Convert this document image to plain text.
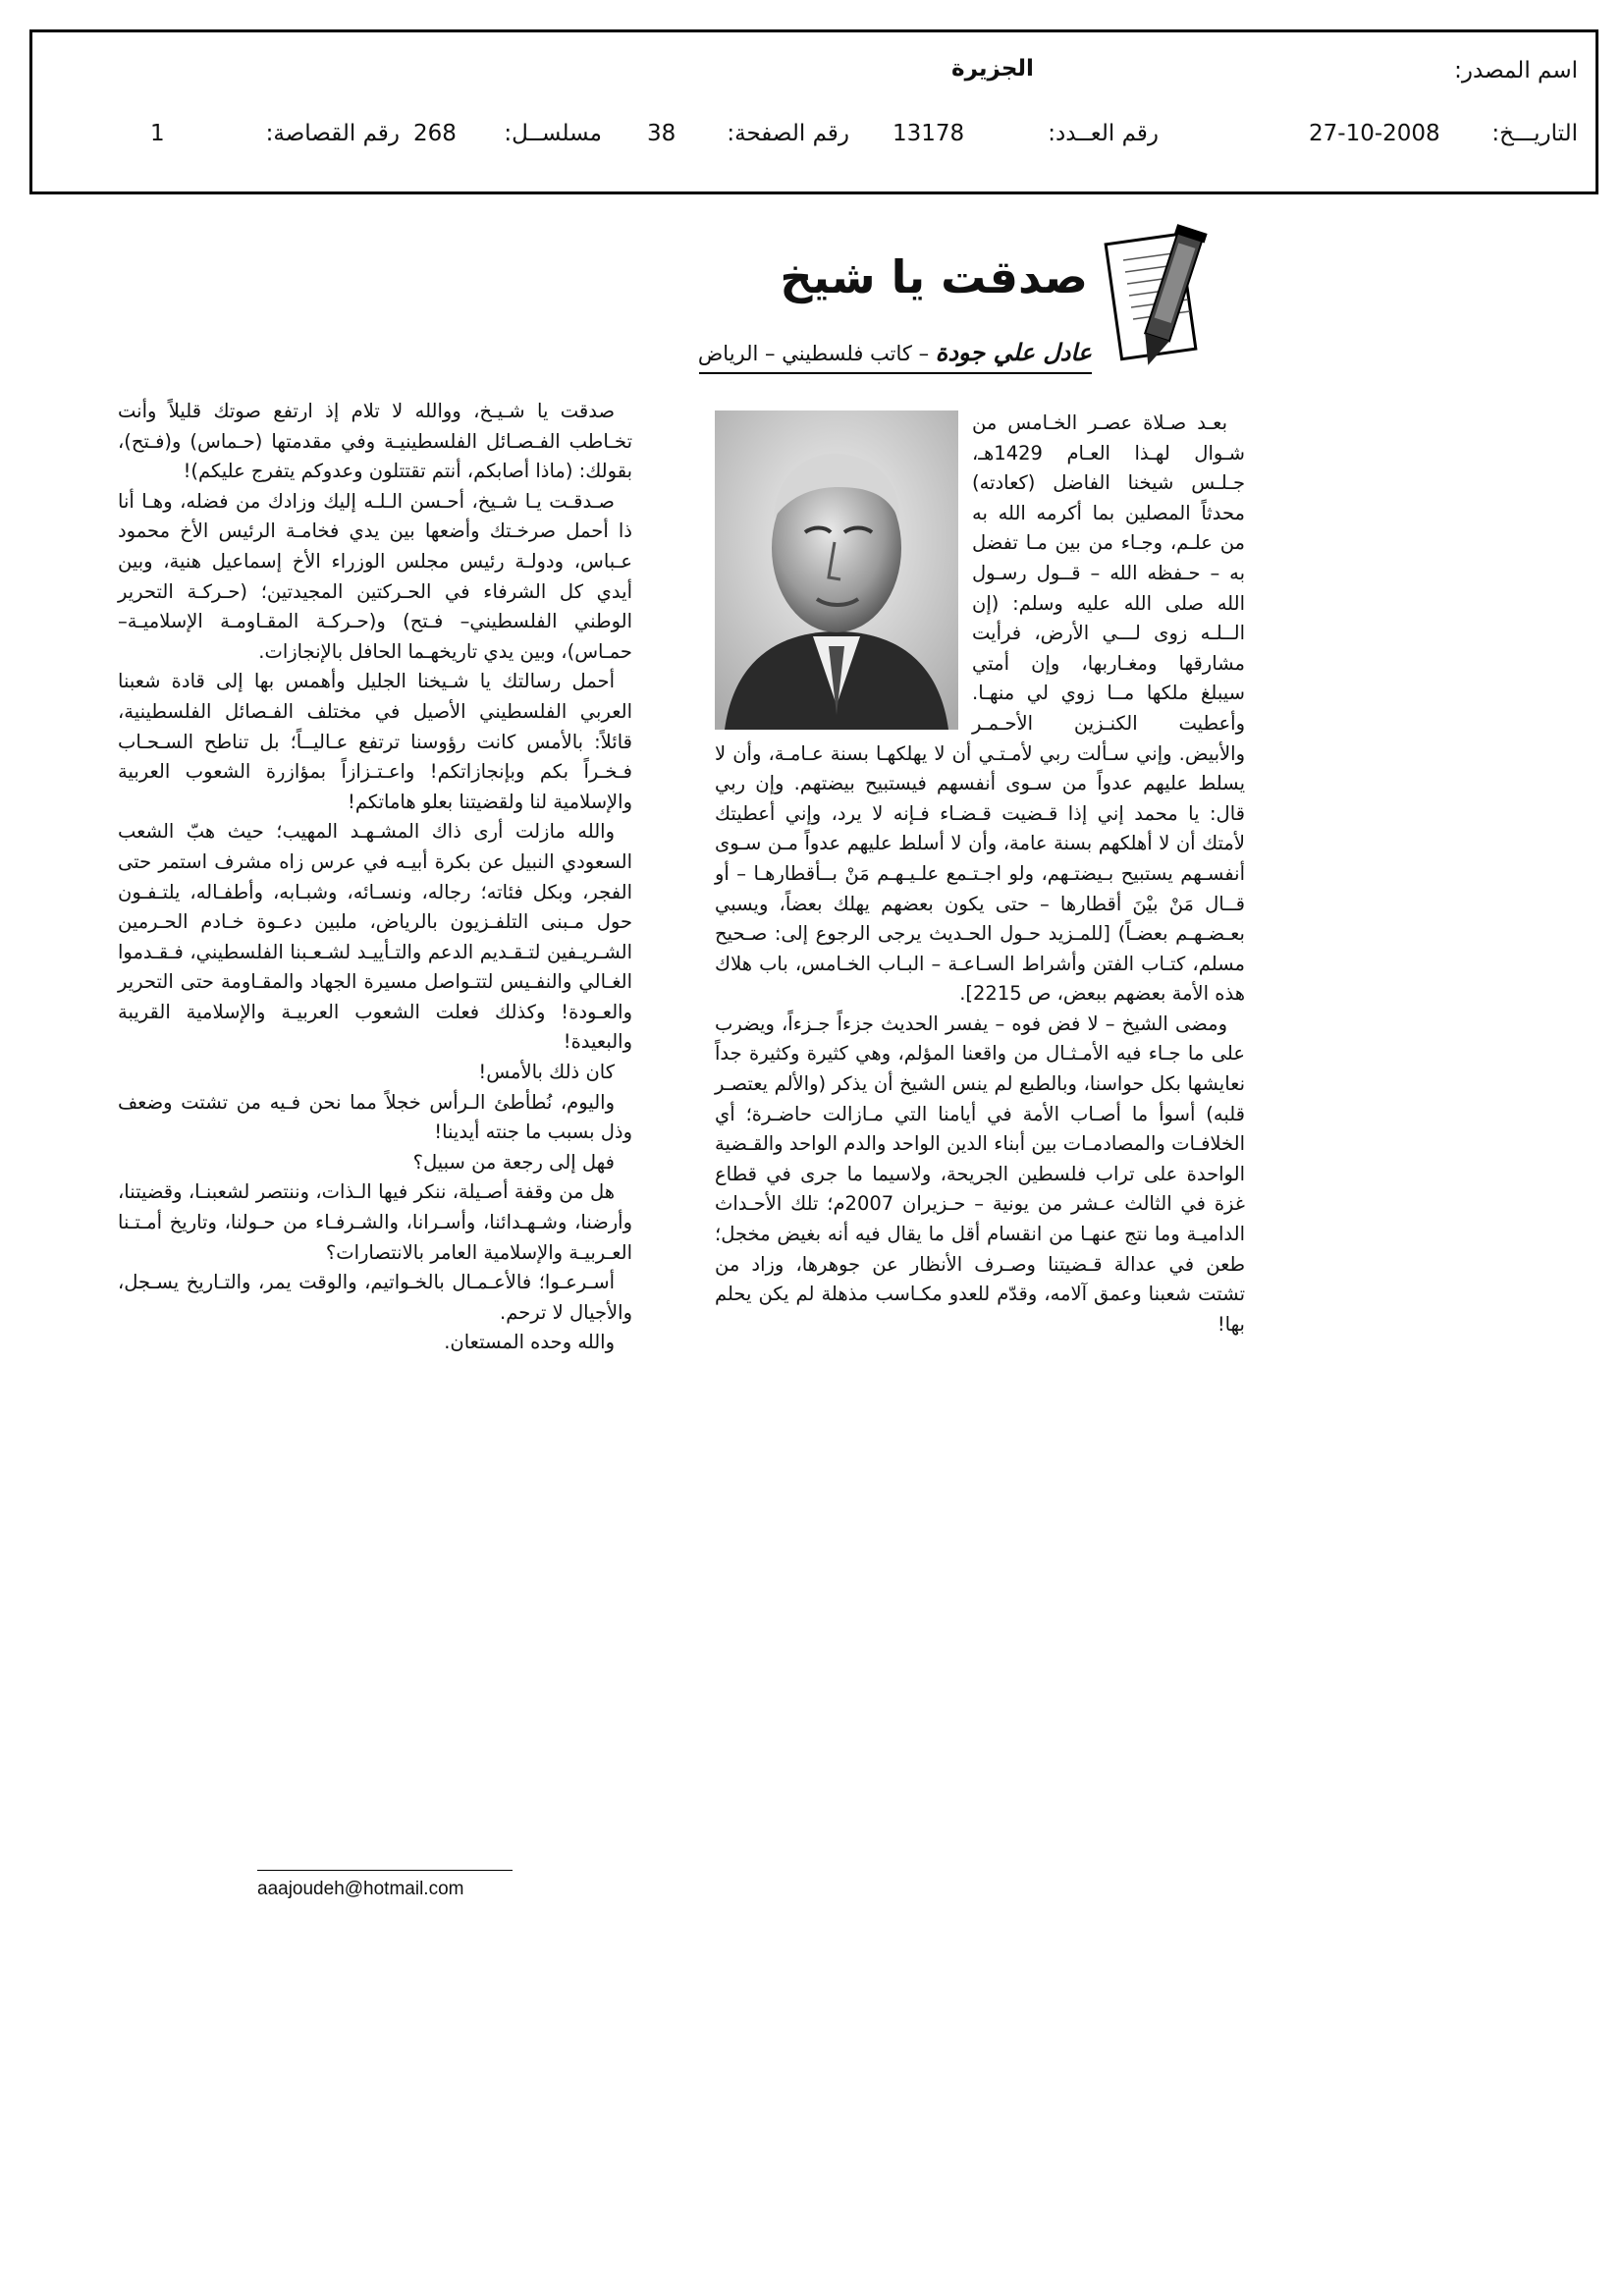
اسم المصدر:
الجزيرة
التاريـــخ:
27-10-2008
رقم العــدد:
13178
رقم الصفحة:
38
مسلســل:
268
رقم القصاصة:
1
صدقت يا شيخ
عادل علي جودة – كاتب فلسطيني – الرياض

بعـد صـلاة عصـر الخـامس من شـوال لهـذا العـام 1429هـ، جـلـس شيخنا الفاضل (كعادته) محدثاً المصلين بما أكرمه الله به من علـم، وجـاء من بين مـا تفضل به – حـفظه الله – قــول رسـول الله صلى الله عليه وسلم: (إن الــلـه زوى لـــي الأرض، فرأيت مشارقها ومغـاربها، وإن أمتي سيبلغ ملكها مــا زوي لي منهـا. وأعطيت الكنـزين الأحـمـر والأبيض. وإني سـألت ربي لأمـتـي أن لا يهلكهـا بسنة عـامـة، وأن لا يسلط عليهم عدواً من سـوى أنفسهم فيستبيح بيضتهم. وإن ربي قال: يا محمد إني إذا قـضيت قـضـاء فـإنه لا يرد، وإني أعطيتك لأمتك أن لا أهلكهم بسنة عامة، وأن لا أسلط عليهم عدواً مـن سـوى أنفسـهم يستبيح بـيضتـهم، ولو اجـتـمع علـيـهـم مَنْ بــأقطارهـا – أو قــال مَنْ بيْنَ أقطارها – حتى يكون بعضهم يهلك بعضاً، ويسبي بعـضـهـم بعضـاً) [للمـزيد حـول الحـديث يرجى الرجوع إلى: صـحيح مسلم، كتـاب الفتن وأشراط السـاعـة – البـاب الخـامس، باب هلاك هذه الأمة بعضهم ببعض، ص 2215].

ومضى الشيخ – لا فض فوه – يفسر الحديث جزءاً جـزءاً، ويضرب على ما جـاء فيه الأمـثـال من واقعنا المؤلم، وهي كثيرة وكثيرة جداً نعايشها بكل حواسنا، وبالطبع لم ينس الشيخ أن يذكر (والألم يعتصـر قلبه) أسوأ ما أصـاب الأمة في أيامنا التي مـازالت حاضـرة؛ أي الخلافـات والمصادمـات بين أبناء الدين الواحد والدم الواحد والقـضية الواحدة على تراب فلسطين الجريحة، ولاسيما ما جرى في قطاع غزة في الثالث عـشر من يونية – حـزيران 2007م؛ تلك الأحـداث الداميـة وما نتج عنهـا من انقسام أقل ما يقال فيه أنه بغيض مخجل؛ طعن في عدالة قـضيتنا وصـرف الأنظار عن جوهرها، وزاد من تشتت شعبنا وعمق آلامه، وقدّم للعدو مكـاسب مذهلة لم يكن يحلم بها!

صدقت يا شـيـخ، ووالله لا تلام إذ ارتفع صوتك قليلاً وأنت تخـاطب الفـصـائل الفلسطينيـة وفي مقدمتها (حـماس) و(فـتح)، بقولك: (ماذا أصابكم، أنتم تقتتلون وعدوكم يتفرج عليكم)!

صـدقـت يـا شـيخ، أحـسن الـلـه إليك وزادك من فضله، وهـا أنا ذا أحمل صرخـتك وأضعها بين يدي فخامـة الرئيس الأخ محمود عـباس، ودولـة رئيس مجلس الوزراء الأخ إسماعيل هنية، وبين أيدي كل الشرفاء في الحـركتين المجيدتين؛ (حـركـة التحرير الوطني الفلسطيني– فـتح) و(حـركـة المقـاومـة الإسلاميـة– حمـاس)، وبين يدي تاريخهـما الحافل بالإنجازات.

أحمل رسالتك يا شـيخنا الجليل وأهمس بها إلى قادة شعبنا العربي الفلسطيني الأصيل في مختلف الفـصائل الفلسطينية، قائلاً: بالأمس كانت رؤوسنا ترتفع عـاليــاً؛ بل تناطح السـحـاب فـخـراً بكم وبإنجازاتكم! واعـتـزازاً بمؤازرة الشعوب العربية والإسلامية لنا ولقضيتنا بعلو هاماتكم!

والله مازلت أرى ذاك المشـهـد المهيب؛ حيث هبّ الشعب السعودي النبيل عن بكرة أبيـه في عرس زاه مشرف استمر حتى الفجر، وبكل فئاته؛ رجاله، ونسـائه، وشبـابه، وأطفـاله، يلتـفـون حول مـبنى التلفـزيون بالرياض، ملبين دعـوة خـادم الحـرمين الشـريـفين لتـقـديم الدعم والتـأييـد لشـعـبنا الفلسطيني، فـقـدموا الغـالي والنفـيس لتتـواصل مسيرة الجهاد والمقـاومة حتى التحرير والعـودة! وكذلك فعلت الشعوب العربيـة والإسلامية القريبة والبعيدة!

كان ذلك بالأمس!

واليوم، نُطأطئ الـرأس خجلاً مما نحن فـيه من تشتت وضعف وذل بسبب ما جنته أيدينا!

فهل إلى رجعة من سبيل؟

هل من وقفة أصـيلة، ننكر فيها الـذات، وننتصر لشعبنـا، وقضيتنا، وأرضنا، وشـهـدائنا، وأسـرانا، والشـرفـاء من حـولنا، وتاريخ أمـتـنا العـربيـة والإسلامية العامر بالانتصارات؟

أسـرعـوا؛ فالأعـمـال بالخـواتيم، والوقت يمر، والتـاريخ يسـجل، والأجيال لا ترحم.

والله وحده المستعان.

aaajoudeh@hotmail.com
